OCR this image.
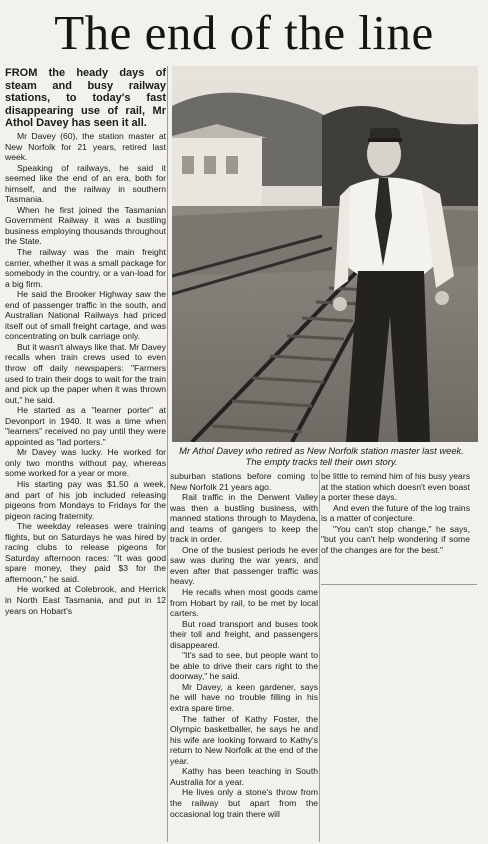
The end of the line
Mr Athol Davey who retired as New Norfolk station master last week. The empty tracks tell their own story.

FROM the heady days of steam and busy railway stations, to today's fast disappearing use of rail, Mr Athol Davey has seen it all.

Mr Davey (60), the station master at New Norfolk for 21 years, retired last week.

Speaking of railways, he said it seemed like the end of an era, both for himself, and the railway in southern Tasmania.

When he first joined the Tasmanian Government Railway it was a bustling business employing thousands throughout the State.

The railway was the main freight carrier, whether it was a small package for somebody in the country, or a van-load for a big firm.

He said the Brooker Highway saw the end of passenger traffic in the south, and Australian National Railways had priced itself out of small freight cartage, and was concentrating on bulk carriage only.

But it wasn't always like that. Mr Davey recalls when train crews used to even throw off daily newspapers: "Farmers used to train their dogs to wait for the train and pick up the paper when it was thrown out," he said.

He started as a "learner porter" at Devonport in 1940. It was a time when "learners" received no pay until they were appointed as "lad porters."

Mr Davey was lucky. He worked for only two months without pay, whereas some worked for a year or more.

His starting pay was $1.50 a week, and part of his job included releasing pigeons from Mondays to Fridays for the pigeon racing fraternity.

The weekday releases were training flights, but on Saturdays he was hired by racing clubs to release pigeons for Saturday afternoon races: "It was good spare money, they paid $3 for the afternoon," he said.

He worked at Colebrook, and Herrick in North East Tasmania, and put in 12 years on Hobart's

suburban stations before coming to New Norfolk 21 years ago.

Rail traffic in the Derwent Valley was then a bustling business, with manned stations through to Maydena, and teams of gangers to keep the track in order.

One of the busiest periods he ever saw was during the war years, and even after that passenger traffic was heavy.

He recalls when most goods came from Hobart by rail, to be met by local carters.

But road transport and buses took their toll and freight, and passengers disappeared.

"It's sad to see, but people want to be able to drive their cars right to the doorway," he said.

Mr Davey, a keen gardener, says he will have no trouble filling in his extra spare time.

The father of Kathy Foster, the Olympic basketballer, he says he and his wife are looking forward to Kathy's return to New Norfolk at the end of the year.

Kathy has been teaching in South Australia for a year.

He lives only a stone's throw from the railway but apart from the occasional log train there will

be little to remind him of his busy years at the station which doesn't even boast a porter these days.

And even the future of the log trains is a matter of conjecture.

"You can't stop change," he says, "but you can't help wondering if some of the changes are for the best."
